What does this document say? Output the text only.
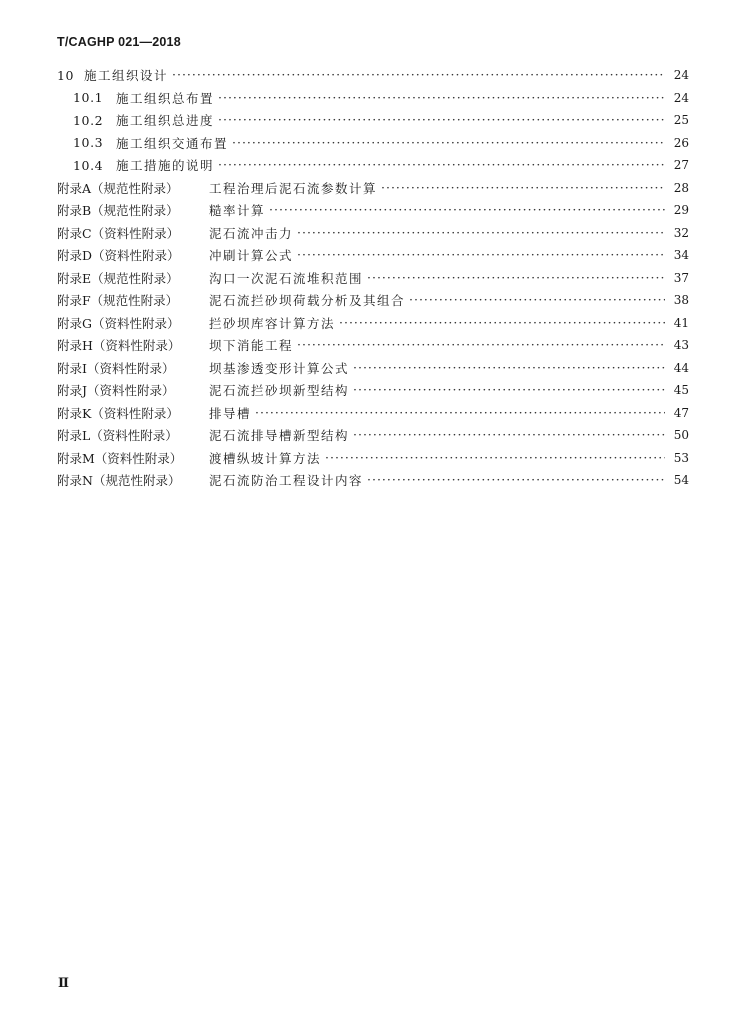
T/CAGHP 021—2018
10 施工组织设计 ·····	24
10.1	施工组织总布置 ·····	24
10.2	施工组织总进度 ·····	25
10.3	施工组织交通布置 ·····	26
10.4	施工措施的说明 ·····	27
附录A（规范性附录）	工程治理后泥石流参数计算 ·····	28
附录B（规范性附录）	糙率计算 ·····	29
附录C（资料性附录）	泥石流冲击力 ·····	32
附录D（资料性附录）	冲刷计算公式 ·····	34
附录E（规范性附录）	沟口一次泥石流堆积范围 ·····	37
附录F（规范性附录）	泥石流拦砂坝荷载分析及其组合 ·····	38
附录G（资料性附录）	拦砂坝库容计算方法 ·····	41
附录H（资料性附录）	坝下消能工程 ·····	43
附录I（资料性附录）	坝基渗透变形计算公式 ·····	44
附录J（资料性附录）	泥石流拦砂坝新型结构 ·····	45
附录K（资料性附录）	排导槽 ·····	47
附录L（资料性附录）	泥石流排导槽新型结构 ·····	50
附录M（资料性附录）	渡槽纵坡计算方法 ·····	53
附录N（规范性附录）	泥石流防治工程设计内容 ·····	54
Ⅱ
